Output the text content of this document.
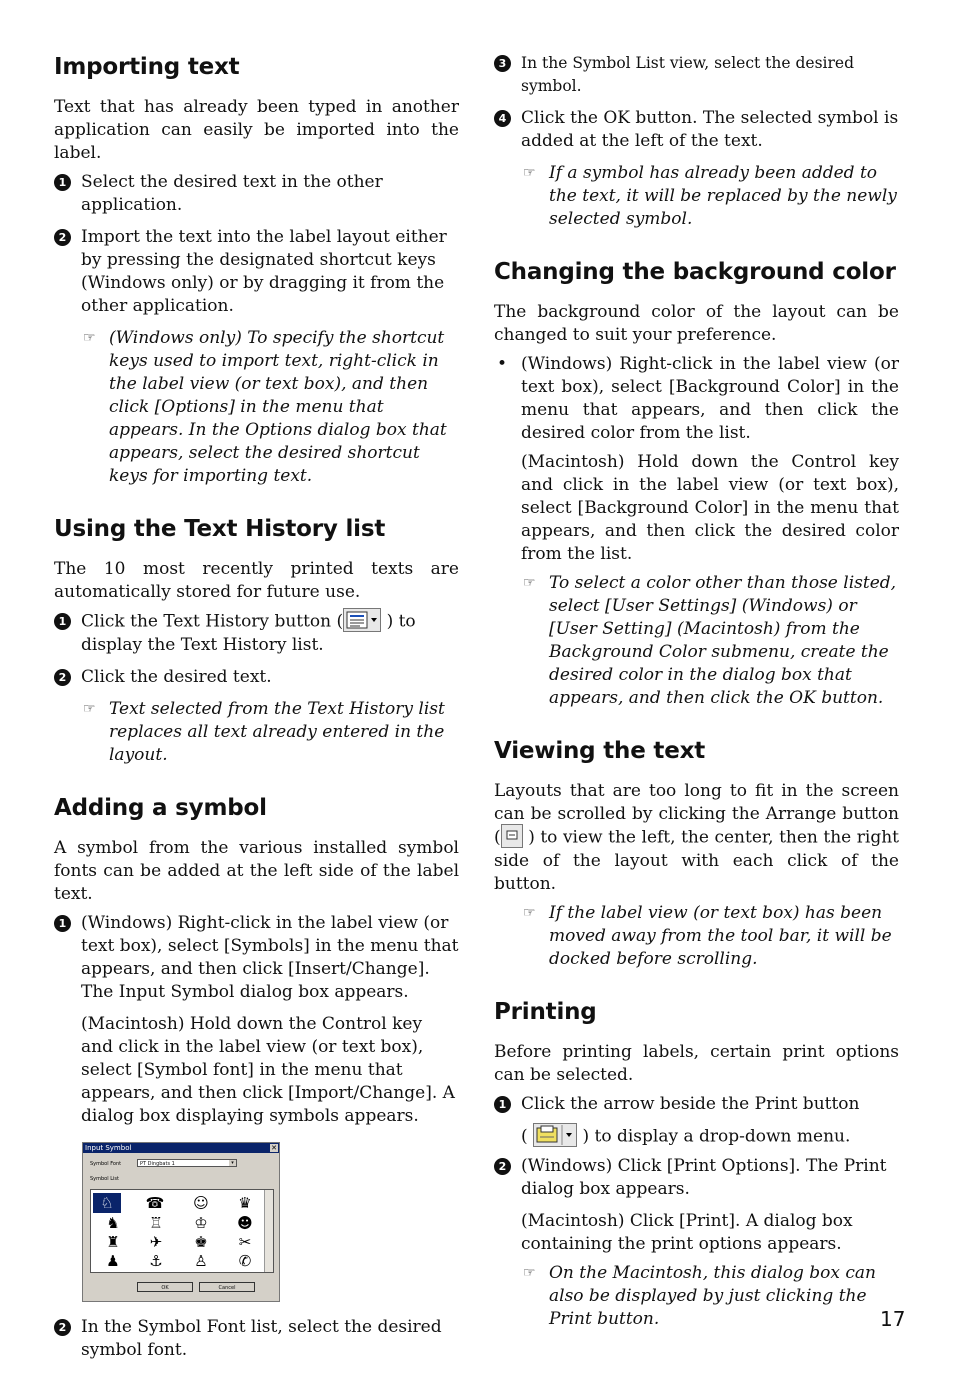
Importing text

Text that has already been typed in another application can easily be imported into the label.

1 Select the desired text in the other application.
2 Import the text into the label layout either by pressing the designated shortcut keys (Windows only) or by dragging it from the other application.
☞ (Windows only) To specify the shortcut keys used to import text, right-click in the label view (or text box), and then click [Options] in the menu that appears. In the Options dialog box that appears, select the desired shortcut keys for importing text.
Using the Text History list

The 10 most recently printed texts are automatically stored for future use.

1 Click the Text History button (	) to display the Text History list.
2 Click the desired text.
☞ Text selected from the Text History list replaces all text already entered in the layout.
Adding a symbol

A symbol from the various installed symbol fonts can be added at the left side of the label text.

1 (Windows) Right-click in the label view (or text box), select [Symbols] in the menu that appears, and then click [Insert/Change]. The Input Symbol dialog box appears.

(Macintosh) Hold down the Control key and click in the label view (or text box), select [Symbol font] in the menu that appears, and then click [Import/Change]. A dialog box displaying symbols appears.

Input Symbol	✕
Symbol Font	PT Dingbats 1	▾
Symbol List
♘	☎	☺	♛
♞	♖	♔	☻
♜	✈	♚	✂
♟	⚓	♙	✆
OK	Cancel
2 In the Symbol Font list, select the desired symbol font.
3 In the Symbol List view, select the desired symbol.
4 Click the OK button. The selected symbol is added at the left of the text.
☞ If a symbol has already been added to the text, it will be replaced by the newly selected symbol.
Changing the background color

The background color of the layout can be changed to suit your preference.

• (Windows) Right-click in the label view (or text box), select [Background Color] in the menu that appears, and then click the desired color from the list.

(Macintosh) Hold down the Control key and click in the label view (or text box), select [Background Color] in the menu that appears, and then click the desired color from the list.

☞ To select a color other than those listed, select [User Settings] (Windows) or [User Setting] (Macintosh) from the Background Color submenu, create the desired color in the dialog box that appears, and then click the OK button.
Viewing the text

Layouts that are too long to fit in the screen can be scrolled by clicking the Arrange button ( ) to view the left, the center, then the right side of the layout with each click of the button.

☞ If the label view (or text box) has been moved away from the tool bar, it will be docked before scrolling.
Printing

Before printing labels, certain print options can be selected.

1 Click the arrow beside the Print button

(	) to display a drop-down menu.

2 (Windows) Click [Print Options]. The Print dialog box appears.

(Macintosh) Click [Print]. A dialog box containing the print options appears.

☞ On the Macintosh, this dialog box can also be displayed by just clicking the Print button.	17
